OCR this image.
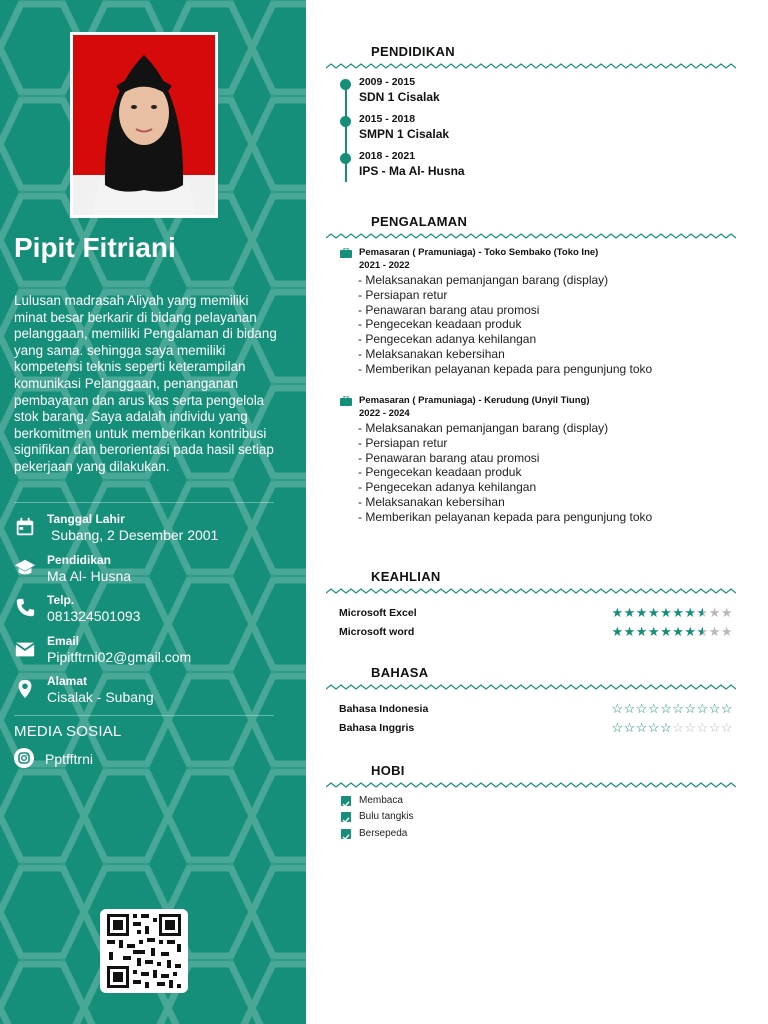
Pipit Fitriani
Lulusan madrasah Aliyah yang memiliki minat besar berkarir di bidang pelayanan pelanggaan, memiliki Pengalaman di bidang yang sama. sehingga saya memiliki kompetensi teknis seperti keterampilan komunikasi Pelanggaan, penanganan pembayaran dan arus kas serta pengelola stok barang. Saya adalah individu yang berkomitmen untuk memberikan kontribusi signifikan dan berorientasi pada hasil setiap pekerjaan yang dilakukan.
Tanggal Lahir
Subang, 2 Desember 2001
Pendidikan
Ma Al- Husna
Telp.
081324501093
Email
Pipitftrni02@gmail.com
Alamat
Cisalak - Subang
MEDIA SOSIAL
Pptfftrni
PENDIDIKAN
2009 - 2015
SDN 1 Cisalak
2015 - 2018
SMPN 1 Cisalak
2018 - 2021
IPS - Ma Al- Husna
PENGALAMAN
Pemasaran ( Pramuniaga) - Toko Sembako (Toko Ine)
2021 - 2022
- Melaksanakan pemanjangan barang (display)
- Persiapan retur
- Penawaran barang atau promosi
- Pengecekan keadaan produk
- Pengecekan adanya kehilangan
- Melaksanakan kebersihan
- Memberikan pelayanan kepada para pengunjung toko
Pemasaran ( Pramuniaga) - Kerudung (Unyil Tiung)
2022 - 2024
- Melaksanakan pemanjangan barang (display)
- Persiapan retur
- Penawaran barang atau promosi
- Pengecekan keadaan produk
- Pengecekan adanya kehilangan
- Melaksanakan kebersihan
- Memberikan pelayanan kepada para pengunjung toko
KEAHLIAN
Microsoft Excel	★★★★★★★★★★
Microsoft word	★★★★★★★★★★
BAHASA
Bahasa Indonesia	☆☆☆☆☆☆☆☆☆☆
Bahasa Inggris	☆☆☆☆☆☆☆☆☆☆
HOBI
Membaca
Bulu tangkis
Bersepeda
